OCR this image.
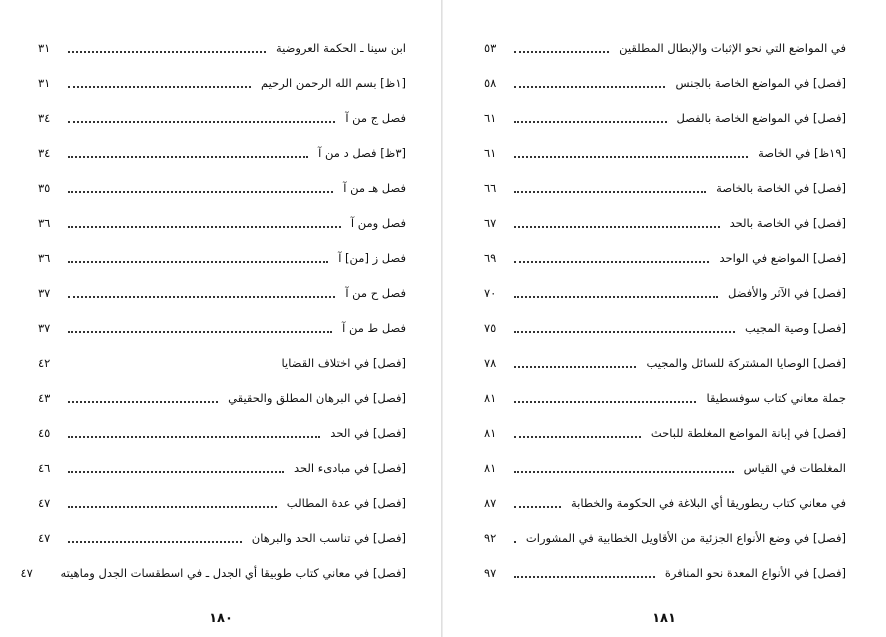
ابن سينا ـ الحكمة العروضية
٣١
[١ظ] بسم الله الرحمن الرحيم
٣١
فصل ج من آ
٣٤
[٣ظ] فصل د من آ
٣٤
فصل هـ من آ
٣٥
فصل ومن آ
٣٦
فصل ز [من] آ
٣٦
فصل ح من آ
٣٧
فصل ط من آ
٣٧
[فصل] في اختلاف القضايا
٤٢
[فصل] في البرهان المطلق والحقيقي
٤٣
[فصل] في الحد
٤٥
[فصل] في مبادىء الحد
٤٦
[فصل] في عدة المطالب
٤٧
[فصل] في تناسب الحد والبرهان
٤٧
[فصل] في معاني كتاب طوبيقا أي الجدل ـ في اسطقسات الجدل وماهيته
٤٧
١٨٠
في المواضع التي نحو الإثبات والإبطال المطلقين
٥٣
[فصل] في المواضع الخاصة بالجنس
٥٨
[فصل] في المواضع الخاصة بالفصل
٦١
[١٩ظ] في الخاصة
٦١
[فصل] في الخاصة بالخاصة
٦٦
[فصل] في الخاصة بالحد
٦٧
[فصل] المواضع في الواحد
٦٩
[فصل] في الآثر والأفضل
٧٠
[فصل] وصية المجيب
٧٥
[فصل] الوصايا المشتركة للسائل والمجيب
٧٨
جملة معاني كتاب سوفسطيقا
٨١
[فصل] في إبانة المواضع المغلطة للباحث
٨١
المغلطات في القياس
٨١
في معاني كتاب ريطوريقا أي البلاغة في الحكومة والخطابة
٨٧
[فصل] في وضع الأنواع الجزئية من الأقاويل الخطابية في المشورات
٩٢
[فصل] في الأنواع المعدة نحو المنافرة
٩٧
١٨١
